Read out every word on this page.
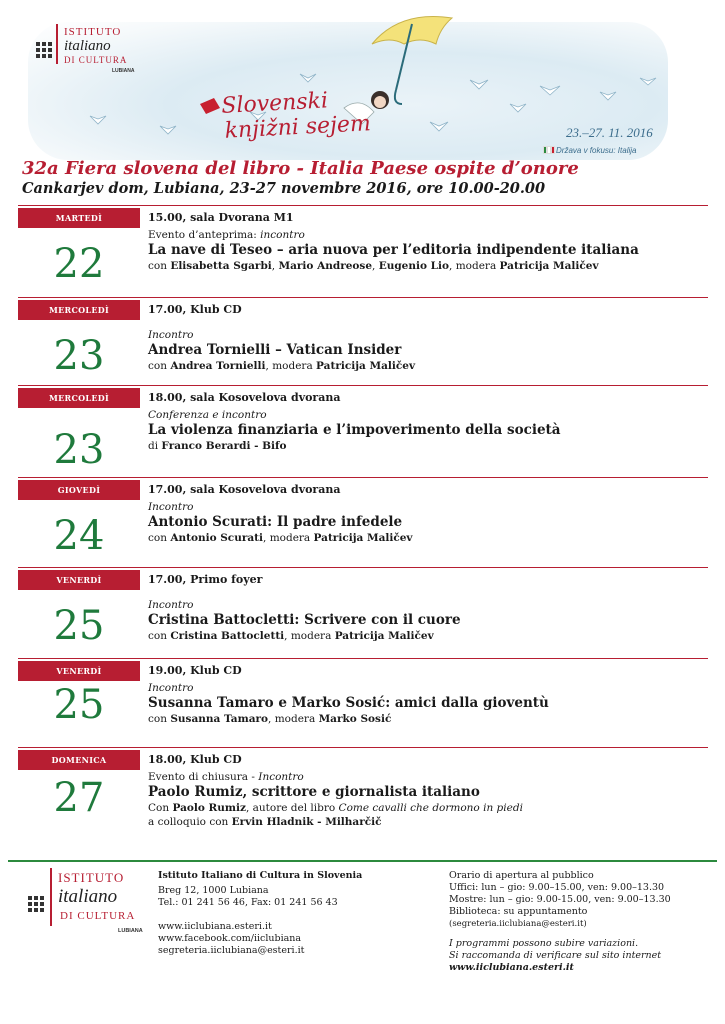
ISTITUTO
italiano
DI CULTURA
LUBIANA
Slovenski
knjižni sejem	23.–27. 11. 2016
Država v fokusu: Italija
32a Fiera slovena del libro - Italia Paese ospite d’onore
Cankarjev dom, Lubiana, 23-27 novembre 2016, ore 10.00-20.00
MARTEDÌ
22
15.00, sala Dvorana M1
Evento d’anteprima: incontro
La nave di Teseo – aria nuova per l’editoria indipendente italiana
con Elisabetta Sgarbi, Mario Andreose, Eugenio Lio, modera Patricija Maličev
MERCOLEDÌ
23
17.00, Klub CD
Incontro
Andrea Tornielli – Vatican Insider
con Andrea Tornielli, modera Patricija Maličev
MERCOLEDÌ
23
18.00, sala Kosovelova dvorana
Conferenza e incontro
La violenza finanziaria e l’impoverimento della società
di Franco Berardi - Bifo
GIOVEDÌ
24
17.00, sala Kosovelova dvorana
Incontro
Antonio Scurati: Il padre infedele
con Antonio Scurati, modera Patricija Maličev
VENERDÌ
25
17.00, Primo foyer
Incontro
Cristina Battocletti: Scrivere con il cuore
con Cristina Battocletti, modera Patricija Maličev
VENERDÌ
25
19.00, Klub CD
Incontro
Susanna Tamaro e Marko Sosić: amici dalla gioventù
con Susanna Tamaro, modera Marko Sosić
DOMENICA
27
18.00, Klub CD
Evento di chiusura - Incontro
Paolo Rumiz, scrittore e giornalista italiano
Con Paolo Rumiz, autore del libro Come cavalli che dormono in piedi
a colloquio con Ervin Hladnik - Milharčič
ISTITUTO
italiano
DI CULTURA
LUBIANA
Istituto Italiano di Cultura in Slovenia
Breg 12, 1000 Lubiana
Tel.: 01 241 56 46, Fax: 01 241 56 43
www.iiclubiana.esteri.it
www.facebook.com/iiclubiana
segreteria.iiclubiana@esteri.it
Orario di apertura al pubblico
Uffici: lun – gio: 9.00–15.00, ven: 9.00–13.30
Mostre: lun – gio: 9.00-15.00, ven: 9.00–13.30
Biblioteca: su appuntamento
(segreteria.iiclubiana@esteri.it)
I programmi possono subire variazioni.
Si raccomanda di verificare sul sito internet
www.iiclubiana.esteri.it
